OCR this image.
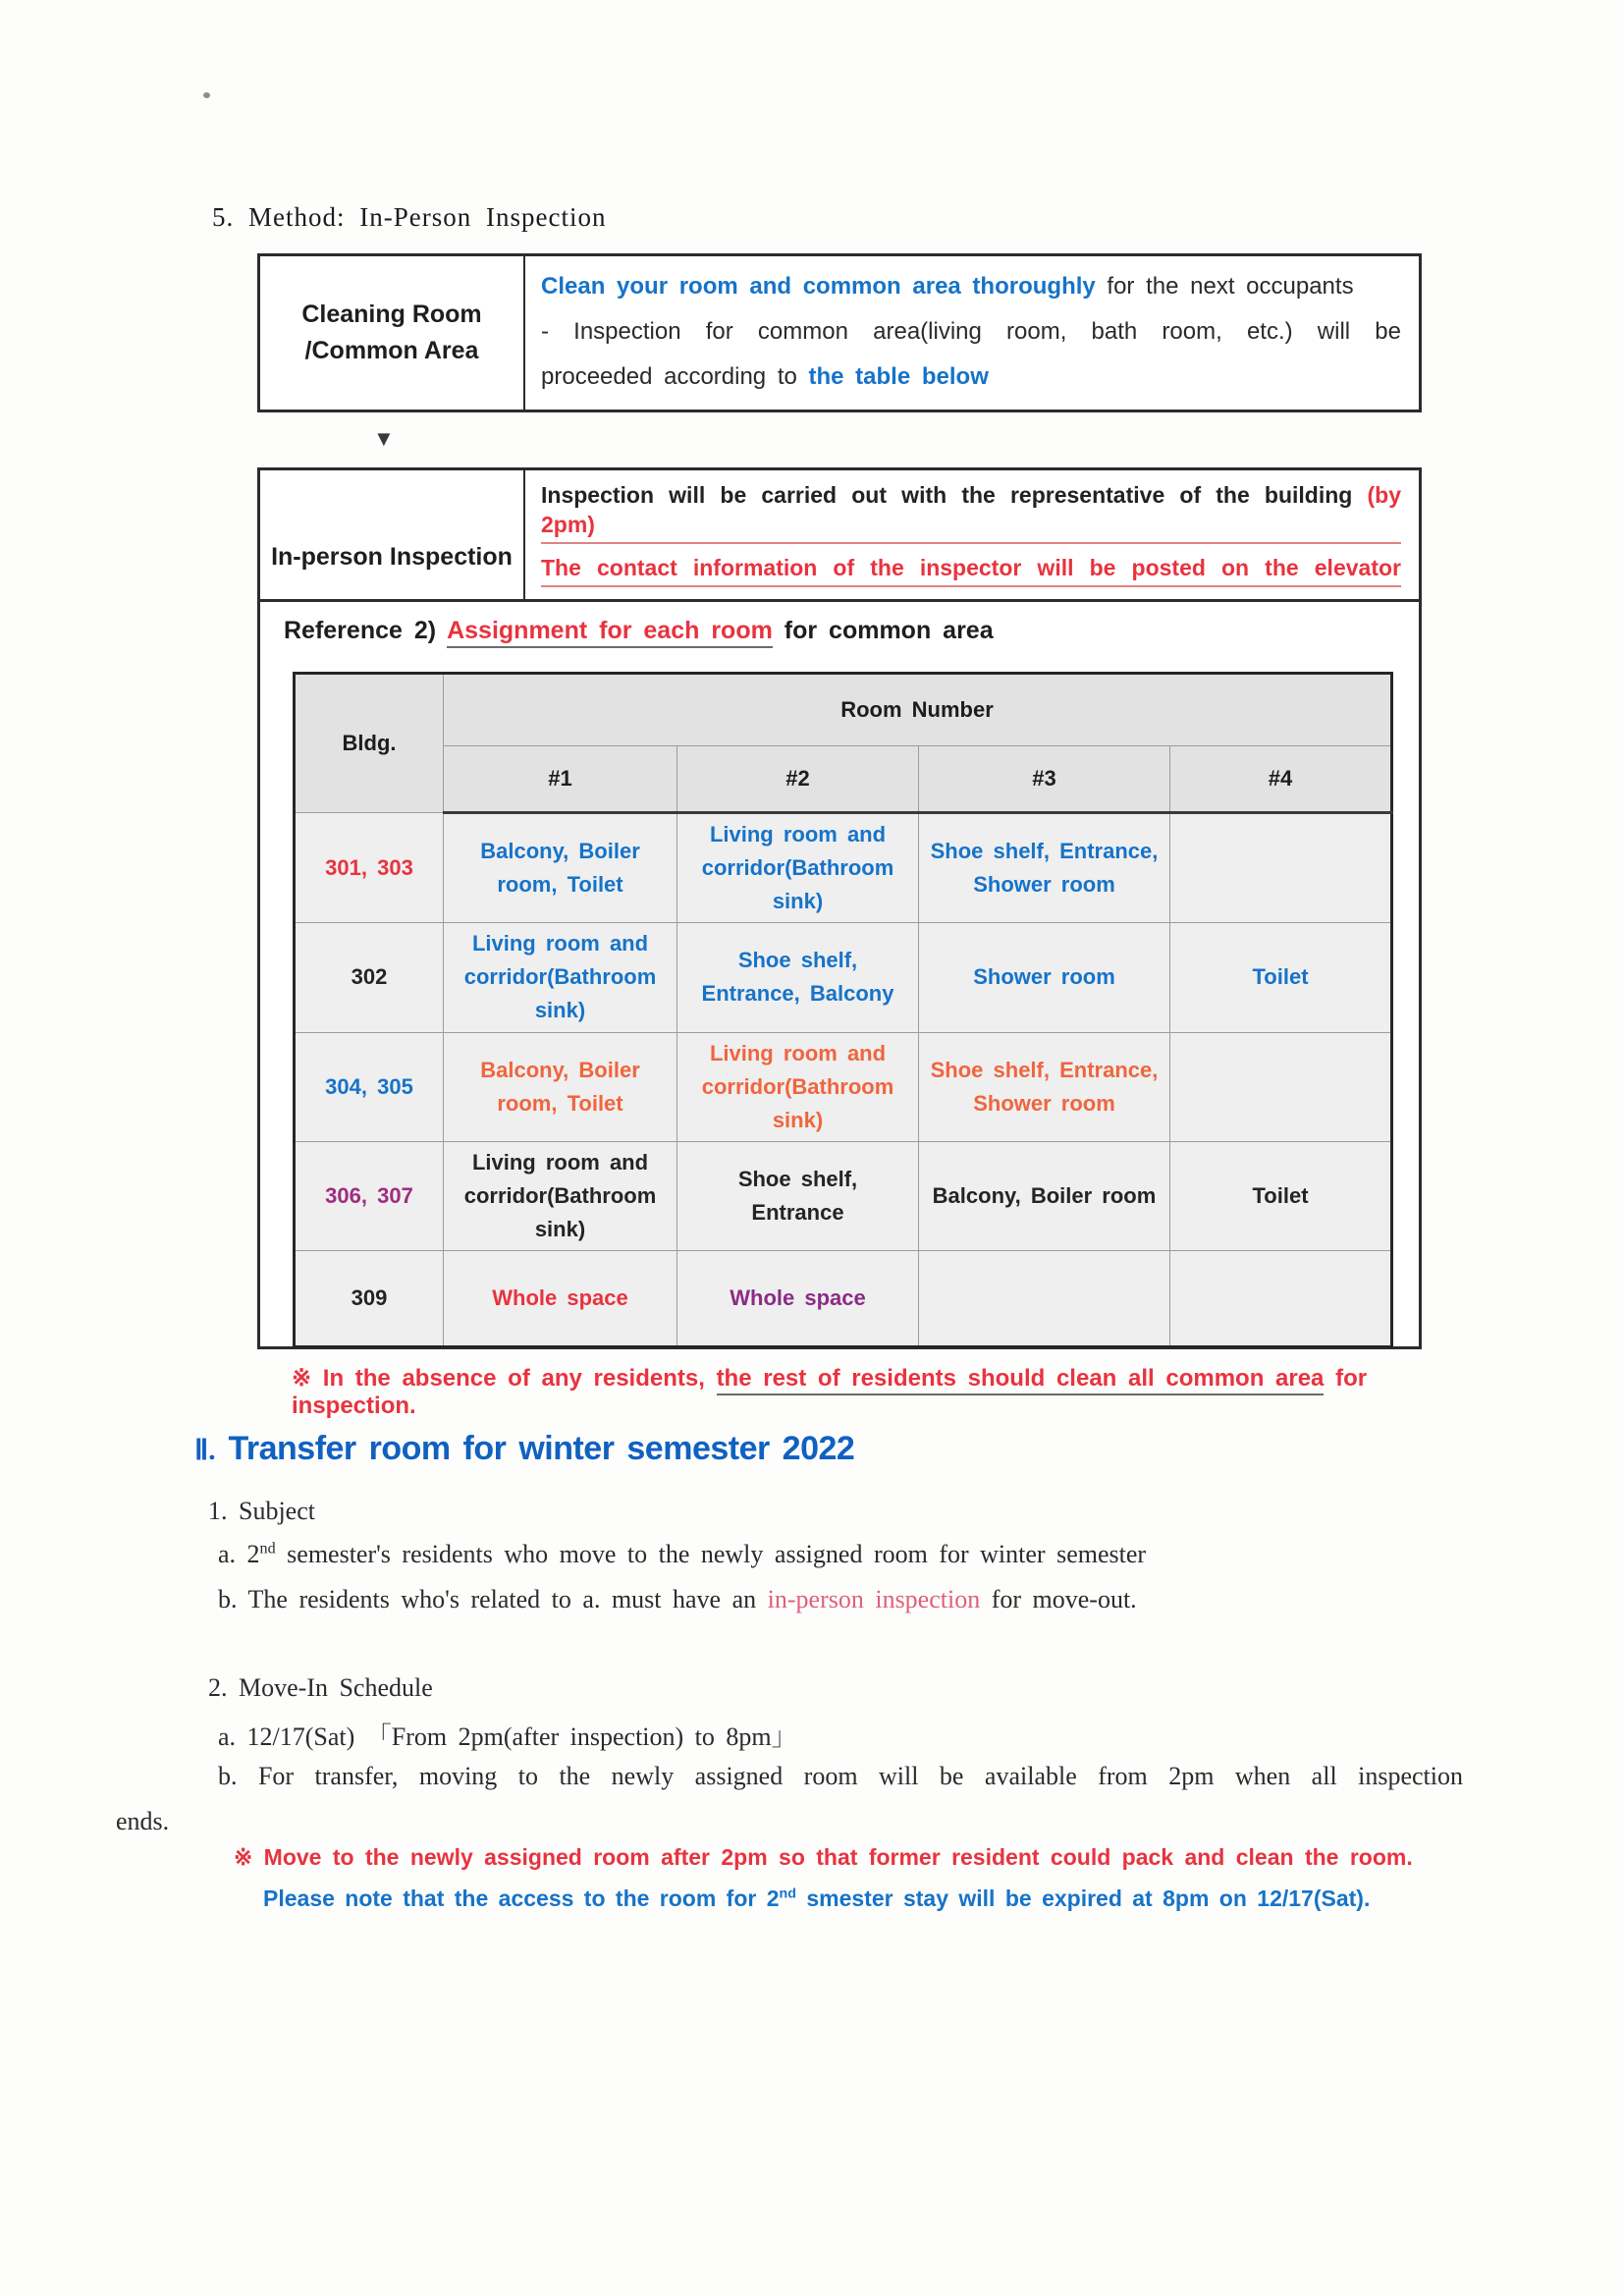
5. Method: In-Person Inspection
Cleaning Room
/Common Area
Clean your room and common area thoroughly for the next occupants
- Inspection for common area(living room, bath room, etc.) will be
proceeded according to the table below
▼
In-person Inspection
Inspection will be carried out with the representative of the building (by 2pm)
The contact information of the inspector will be posted on the elevator
Reference 2) Assignment for each room for common area
Bldg.	Room Number			
	#1	#2	#3	#4
301, 303	Balcony, Boiler room, Toilet	Living room and corridor(Bathroom sink)	Shoe shelf, Entrance, Shower room	
302	Living room and corridor(Bathroom sink)	Shoe shelf, Entrance, Balcony	Shower room	Toilet
304, 305	Balcony, Boiler room, Toilet	Living room and corridor(Bathroom sink)	Shoe shelf, Entrance, Shower room	
306, 307	Living room and corridor(Bathroom sink)	Shoe shelf, Entrance	Balcony, Boiler room	Toilet
309	Whole space	Whole space		
※ In the absence of any residents, the rest of residents should clean all common area for inspection.
Ⅱ. Transfer room for winter semester 2022
1. Subject
a. 2nd semester's residents who move to the newly assigned room for winter semester
b. The residents who's related to a. must have an in-person inspection for move-out.
2. Move-In Schedule
a. 12/17(Sat) 「From 2pm(after inspection) to 8pm」
b. For transfer, moving to the newly assigned room will be available from 2pm when all inspection
ends.
※ Move to the newly assigned room after 2pm so that former resident could pack and clean the room.
Please note that the access to the room for 2nd smester stay will be expired at 8pm on 12/17(Sat).
